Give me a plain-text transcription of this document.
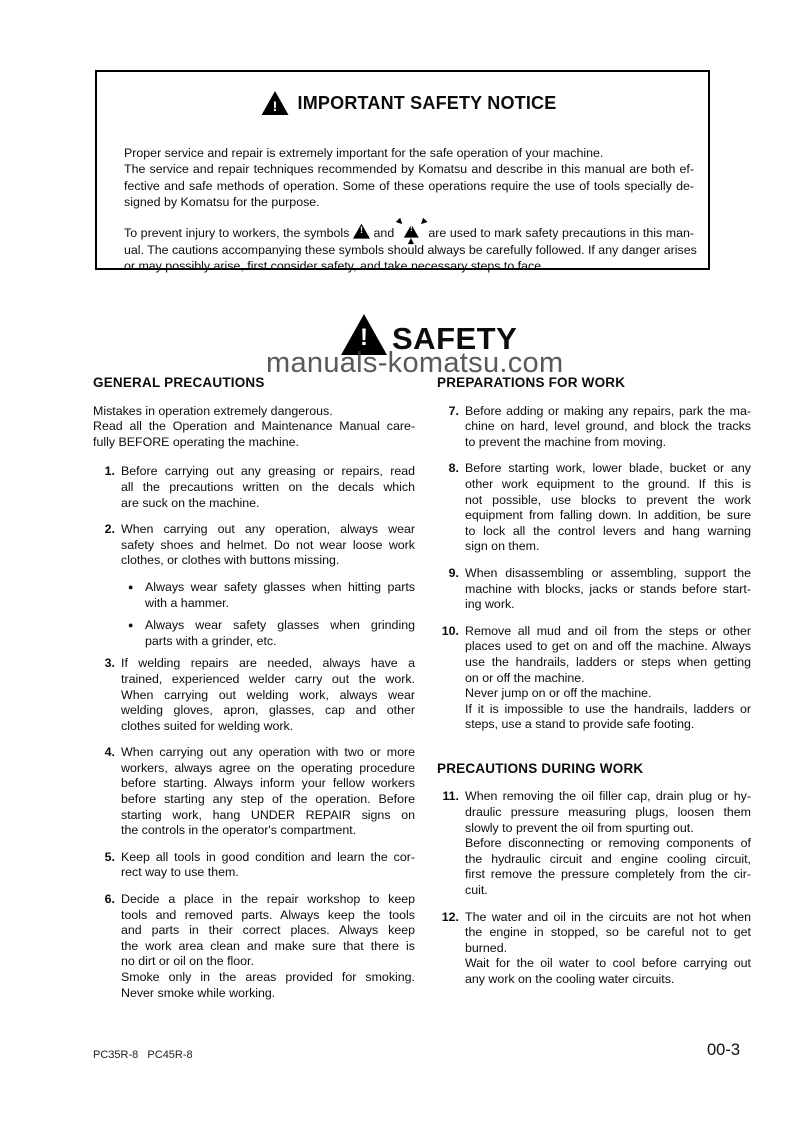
!
IMPORTANT SAFETY NOTICE
Proper service and repair is extremely important for the safe operation of your machine.
The service and repair techniques recommended by Komatsu and describe in this manual are both ef-
fective and safe methods of operation. Some of these operations require the use of tools specially de-
signed by Komatsu for the purpose.
To prevent injury to workers, the symbols ! and
!
▶ ▶
▶
are used to mark safety precautions in this man-
ual. The cautions accompanying these symbols should always be carefully followed. If any danger arises
or may possibly arise, first consider safety, and take necessary steps to face.
!
SAFETY
manuals-komatsu.com
GENERAL PRECAUTIONS
Mistakes in operation extremely dangerous.
Read all the Operation and Maintenance Manual care-
fully BEFORE operating the machine.
1. Before carrying out any greasing or repairs, read
all the precautions written on the decals which
are suck on the machine.
2. When carrying out any operation, always wear
safety shoes and helmet. Do not wear loose work
clothes, or clothes with buttons missing.
● Always wear safety glasses when hitting parts
with a hammer.
● Always wear safety glasses when grinding
parts with a grinder, etc.
3. If welding repairs are needed, always have a
trained, experienced welder carry out the work.
When carrying out welding work, always wear
welding gloves, apron, glasses, cap and other
clothes suited for welding work.
4. When carrying out any operation with two or more
workers, always agree on the operating procedure
before starting. Always inform your fellow workers
before starting any step of the operation. Before
starting work, hang UNDER REPAIR signs on
the controls in the operator's compartment.
5. Keep all tools in good condition and learn the cor-
rect way to use them.
6. Decide a place in the repair workshop to keep
tools and removed parts. Always keep the tools
and parts in their correct places. Always keep
the work area clean and make sure that there is
no dirt or oil on the floor.
Smoke only in the areas provided for smoking.
Never smoke while working.
PREPARATIONS FOR WORK
7. Before adding or making any repairs, park the ma-
chine on hard, level ground, and block the tracks
to prevent the machine from moving.
8. Before starting work, lower blade, bucket or any
other work equipment to the ground. If this is
not possible, use blocks to prevent the work
equipment from falling down. In addition, be sure
to lock all the control levers and hang warning
sign on them.
9. When disassembling or assembling, support the
machine with blocks, jacks or stands before start-
ing work.
10. Remove all mud and oil from the steps or other
places used to get on and off the machine. Always
use the handrails, ladders or steps when getting
on or off the machine.
Never jump on or off the machine.
If it is impossible to use the handrails, ladders or
steps, use a stand to provide safe footing.
PRECAUTIONS DURING WORK
11. When removing the oil filler cap, drain plug or hy-
draulic pressure measuring plugs, loosen them
slowly to prevent the oil from spurting out.
Before disconnecting or removing components of
the hydraulic circuit and engine cooling circuit,
first remove the pressure completely from the cir-
cuit.
12. The water and oil in the circuits are not hot when
the engine in stopped, so be careful not to get
burned.
Wait for the oil water to cool before carrying out
any work on the cooling water circuits.
PC35R-8   PC45R-8	00-3
